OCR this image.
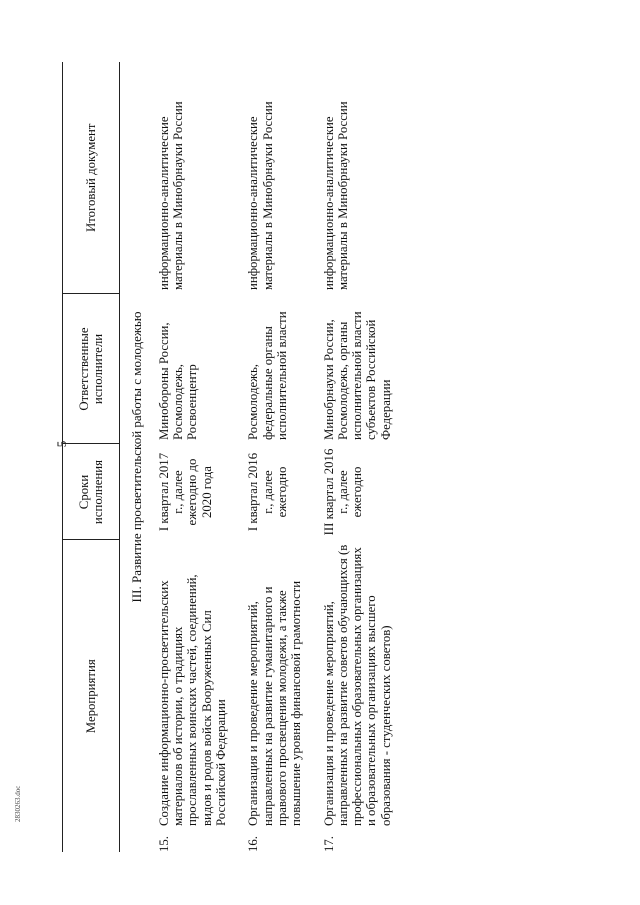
5
2830263.doc
Мероприятия		Сроки исполнения	Ответственные исполнители	Итоговый документ
III. Развитие просветительской работы с молодежью				
15.	Создание информационно-просветительских материалов об истории, о традициях прославленных воинских частей, соединений, видов и родов войск Вооруженных Сил Российской Федерации	I квартал 2017 г., далее ежегодно до 2020 года	Минобороны России, Росмолодежь, Росвоенцентр	информационно-аналитические материалы в Минобрнауки России
16.	Организация и проведение мероприятий, направленных на развитие гуманитарного и правового просвещения молодежи, а также повышение уровня финансовой грамотности	I квартал 2016 г., далее ежегодно	Росмолодежь, федеральные органы исполнительной власти	информационно-аналитические материалы в Минобрнауки России
17.	Организация и проведение мероприятий, направленных на развитие советов обучающихся (в профессиональных образовательных организациях и образовательных организациях высшего образования - студенческих советов)	III квартал 2016 г., далее ежегодно	Минобрнауки России, Росмолодежь, органы исполнительной власти субъектов Российской Федерации	информационно-аналитические материалы в Минобрнауки России
